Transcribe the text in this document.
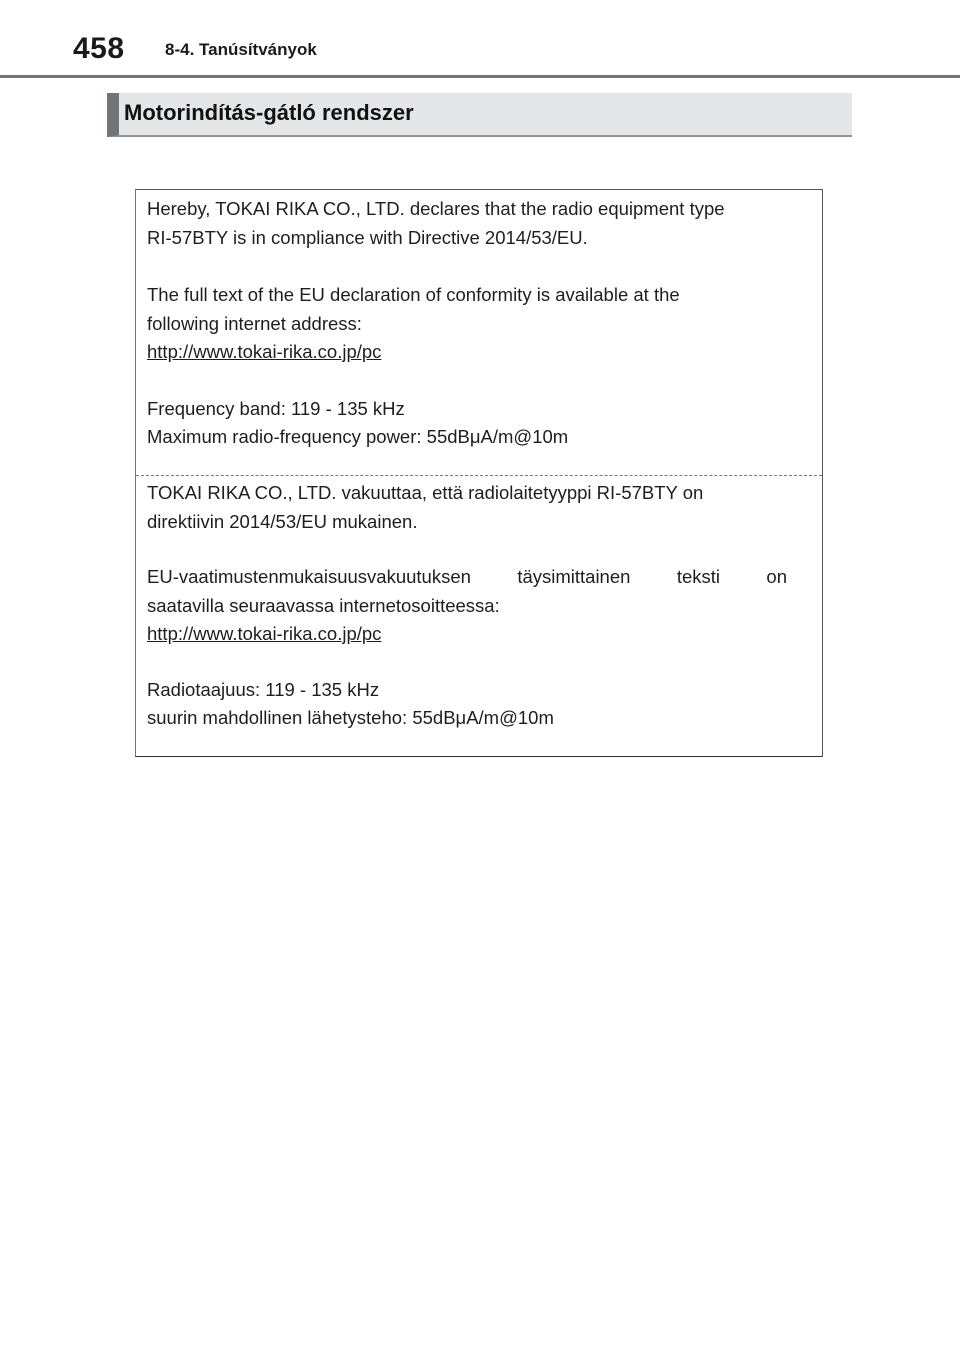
458 8-4. Tanúsítványok
Motorindítás-gátló rendszer
Hereby, TOKAI RIKA CO., LTD. declares that the radio equipment type
RI-57BTY is in compliance with Directive 2014/53/EU.
The full text of the EU declaration of conformity is available at the
following internet address:
http://www.tokai-rika.co.jp/pc
Frequency band: 119 - 135 kHz
Maximum radio-frequency power: 55dBμA/m@10m
TOKAI RIKA CO., LTD. vakuuttaa, että radiolaitetyyppi RI-57BTY on
direktiivin 2014/53/EU mukainen.
EU-vaatimustenmukaisuusvakuutuksen täysimittainen teksti on
saatavilla seuraavassa internetosoitteessa:
http://www.tokai-rika.co.jp/pc
Radiotaajuus: 119 - 135 kHz
suurin mahdollinen lähetysteho: 55dBμA/m@10m
